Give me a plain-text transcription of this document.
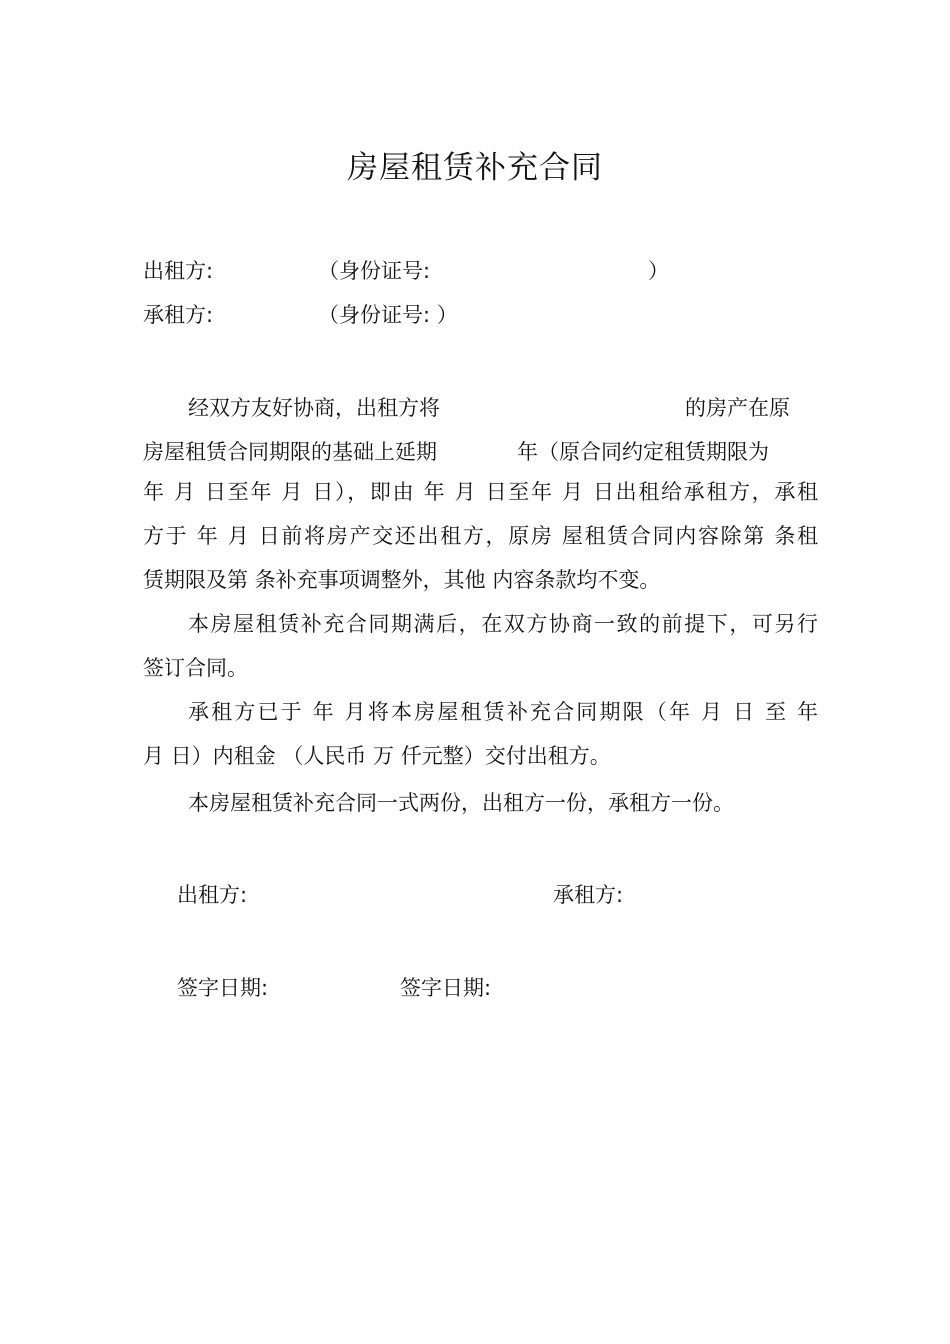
房屋租赁补充合同
出租方:	（身份证号:	）
承租方:	（身份证号: ）
经双方友好协商，出租方将	的房产在原
房屋租赁合同期限的基础上延期	年（原合同约定租赁期限为
年 月 日至年 月 日），即由 年 月 日至年 月 日出租给承租方，承租
方于 年 月 日前将房产交还出租方，原房 屋租赁合同内容除第 条租
赁期限及第 条补充事项调整外，其他 内容条款均不变。
本房屋租赁补充合同期满后，在双方协商一致的前提下，可另行
签订合同。
承租方已于 年 月将本房屋租赁补充合同期限（年 月 日 至 年
月 日）内租金 （人民币 万 仟元整）交付出租方。
本房屋租赁补充合同一式两份，出租方一份，承租方一份。
出租方:	承租方:
签字日期:	签字日期:
